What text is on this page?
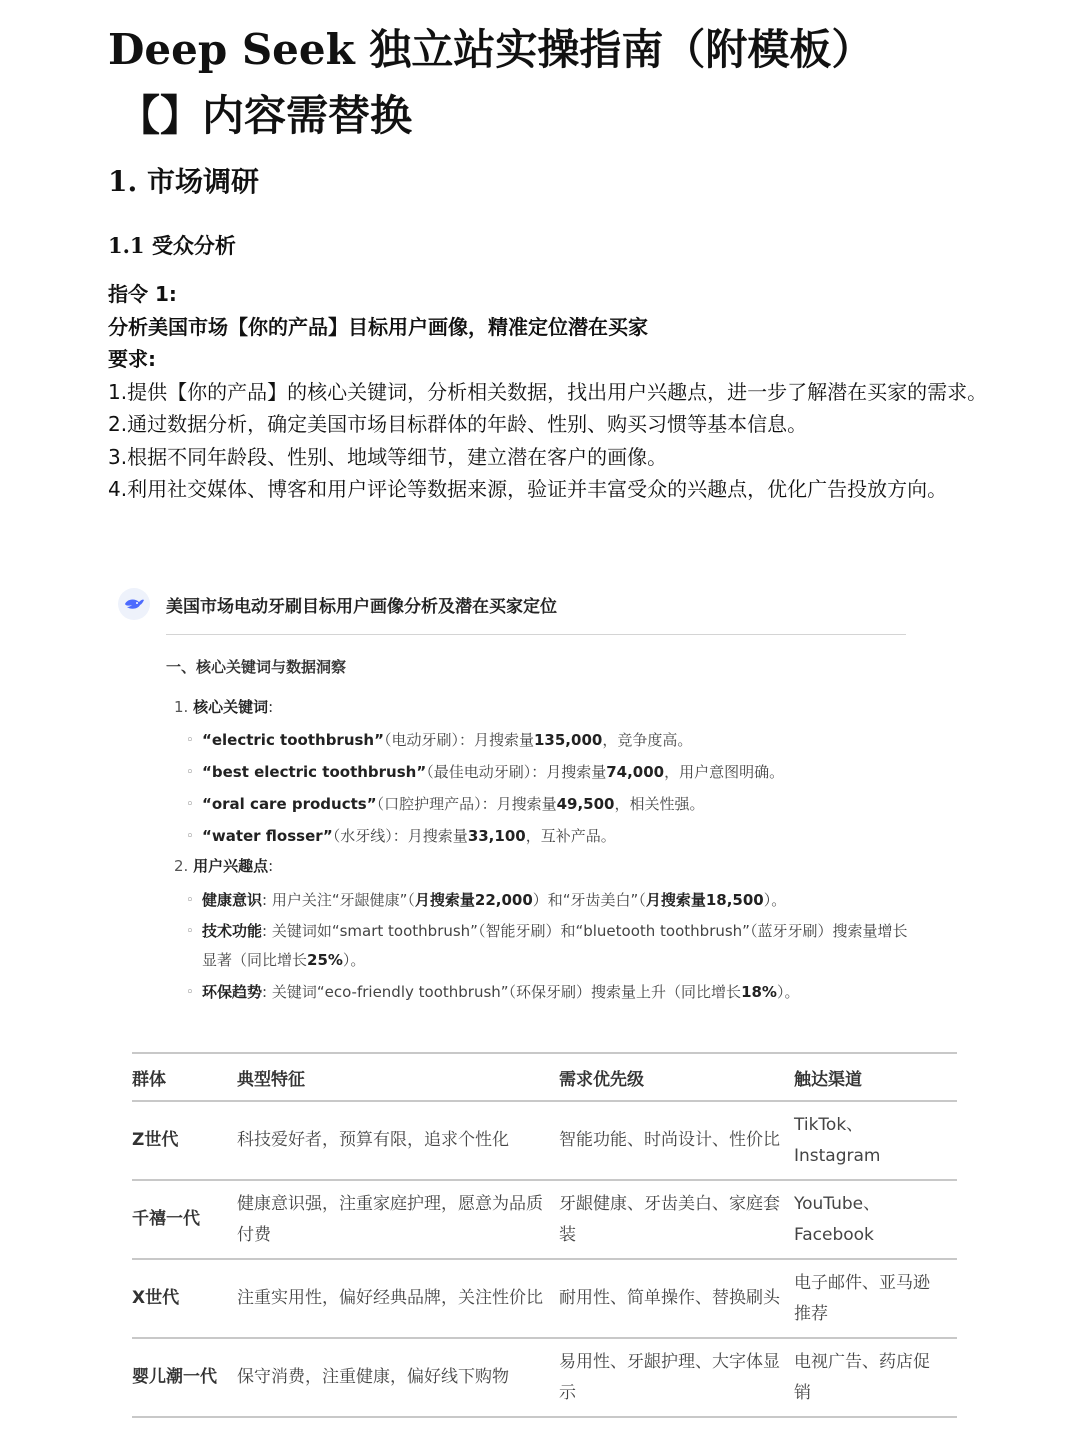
Deep Seek 独立站实操指南（附模板）
【】内容需替换
1. 市场调研
1.1 受众分析

指令 1:

分析美国市场【你的产品】目标用户画像，精准定位潜在买家

要求:

1.提供【你的产品】的核心关键词，分析相关数据，找出用户兴趣点，进一步了解潜在买家的需求。

2.通过数据分析，确定美国市场目标群体的年龄、性别、购买习惯等基本信息。

3.根据不同年龄段、性别、地域等细节，建立潜在客户的画像。

4.利用社交媒体、博客和用户评论等数据来源，验证并丰富受众的兴趣点，优化广告投放方向。

美国市场电动牙刷目标用户画像分析及潜在买家定位
一、核心关键词与数据洞察
1. 核心关键词:
◦ “electric toothbrush”（电动牙刷）：月搜索量135,000，竞争度高。
◦ “best electric toothbrush”（最佳电动牙刷）：月搜索量74,000，用户意图明确。
◦ “oral care products”（口腔护理产品）：月搜索量49,500，相关性强。
◦ “water flosser”（水牙线）：月搜索量33,100，互补产品。
2. 用户兴趣点:
◦ 健康意识: 用户关注“牙龈健康”（月搜索量22,000）和“牙齿美白”（月搜索量18,500）。
◦ 技术功能: 关键词如“smart toothbrush”（智能牙刷）和“bluetooth toothbrush”（蓝牙牙刷）搜索量增长显著（同比增长25%）。
◦ 环保趋势: 关键词“eco-friendly toothbrush”（环保牙刷）搜索量上升（同比增长18%）。
群体	典型特征	需求优先级	触达渠道
Z世代	科技爱好者，预算有限，追求个性化	智能功能、时尚设计、性价比	TikTok、Instagram
千禧一代	健康意识强，注重家庭护理，愿意为品质付费	牙龈健康、牙齿美白、家庭套装	YouTube、Facebook
X世代	注重实用性，偏好经典品牌，关注性价比	耐用性、简单操作、替换刷头	电子邮件、亚马逊推荐
婴儿潮一代	保守消费，注重健康，偏好线下购物	易用性、牙龈护理、大字体显示	电视广告、药店促销
